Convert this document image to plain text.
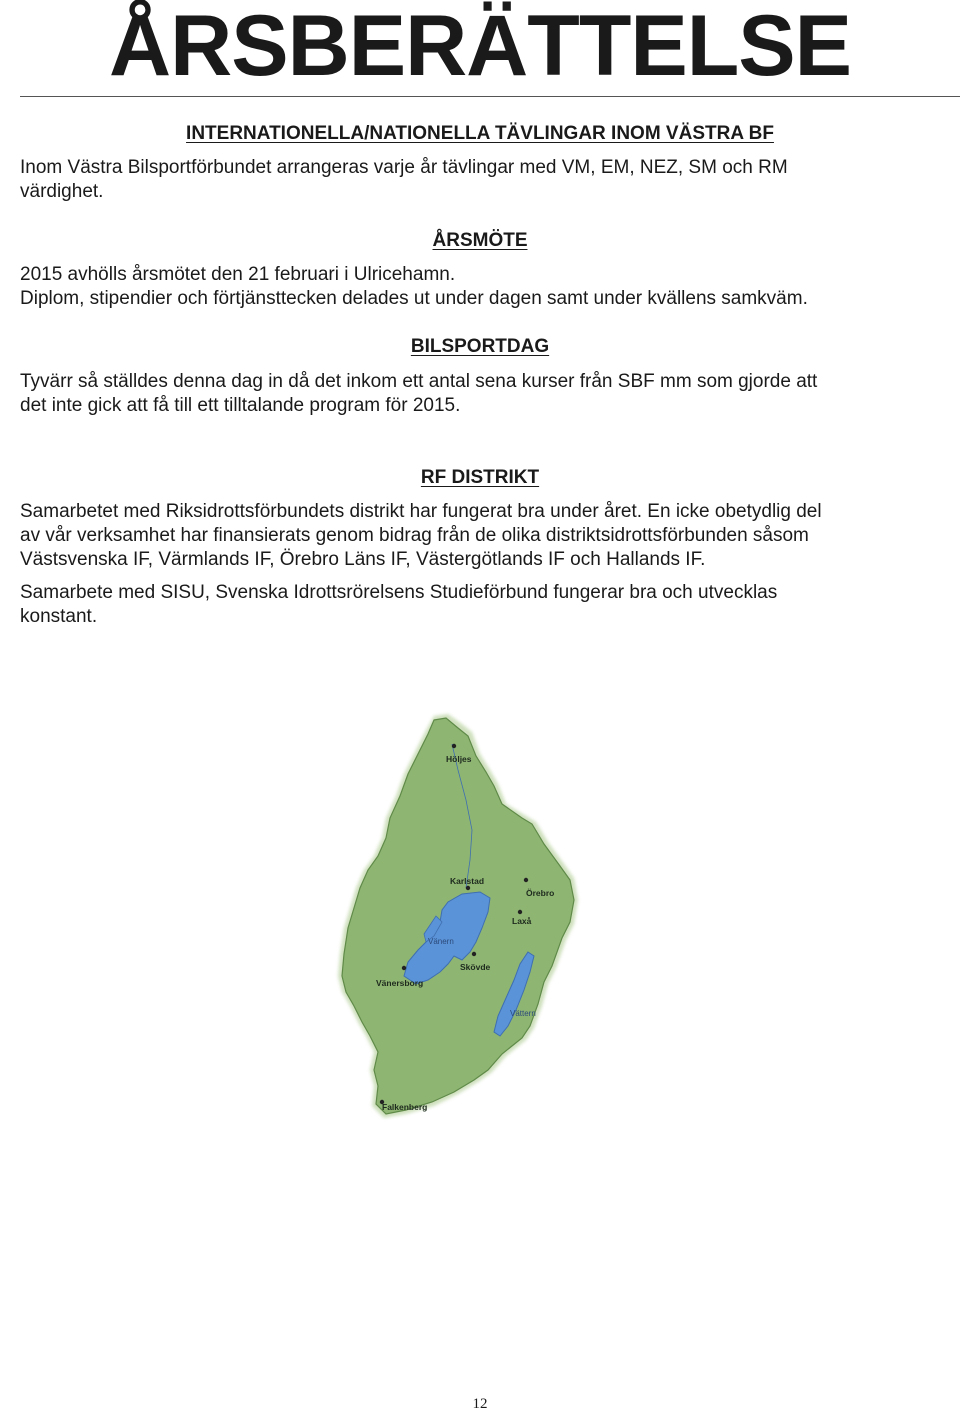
ÅRSBERÄTTELSE
INTERNATIONELLA/NATIONELLA TÄVLINGAR INOM VÄSTRA BF

Inom Västra Bilsportförbundet arrangeras varje år tävlingar med VM, EM, NEZ, SM och RM
värdighet.

ÅRSMÖTE

2015 avhölls årsmötet den 21 februari i Ulricehamn.
Diplom, stipendier och förtjänsttecken delades ut under dagen samt under kvällens samkväm.

BILSPORTDAG

Tyvärr så ställdes denna dag in då det inkom ett antal sena kurser från SBF mm som gjorde att
det inte gick att få till ett tilltalande program för 2015.

RF DISTRIKT

Samarbetet med Riksidrottsförbundets distrikt har fungerat bra under året. En icke obetydlig del
av vår verksamhet har finansierats genom bidrag från de olika distriktsidrottsförbunden såsom
Västsvenska IF, Värmlands IF, Örebro Läns IF, Västergötlands IF och Hallands IF.

Samarbete med SISU, Svenska Idrottsrörelsens Studieförbund fungerar bra och utvecklas
konstant.

Höljes
Karlstad
Örebro
Laxå
Vänern
Skövde
Vänersborg
Vättern
Falkenberg
12
